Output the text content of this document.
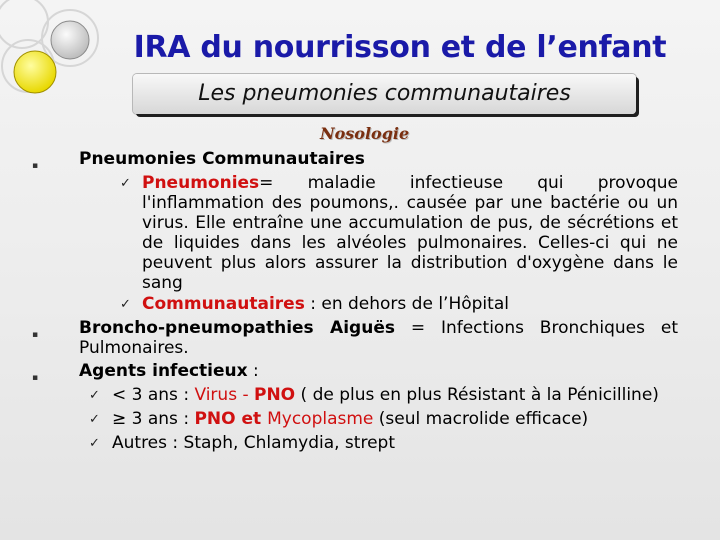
IRA du nourrisson et de l’enfant
Les pneumonies communautaires
Nosologie
▪ Pneumonies Communautaires
✓ Pneumonies= maladie infectieuse qui provoque
l'inflammation des poumons,. causée par une bactérie ou un
virus. Elle entraîne une accumulation de pus, de sécrétions et
de liquides dans les alvéoles pulmonaires. Celles-ci qui ne
peuvent plus alors assurer la distribution d'oxygène dans le
sang
✓ Communautaires : en dehors de l’Hôpital
▪ Broncho-pneumopathies Aiguës = Infections Bronchiques et
Pulmonaires.
▪ Agents infectieux :
✓ < 3 ans : Virus - PNO ( de plus en plus Résistant à la Pénicilline)
✓ ≥ 3 ans : PNO et Mycoplasme (seul macrolide efficace)
✓ Autres : Staph, Chlamydia, strept
